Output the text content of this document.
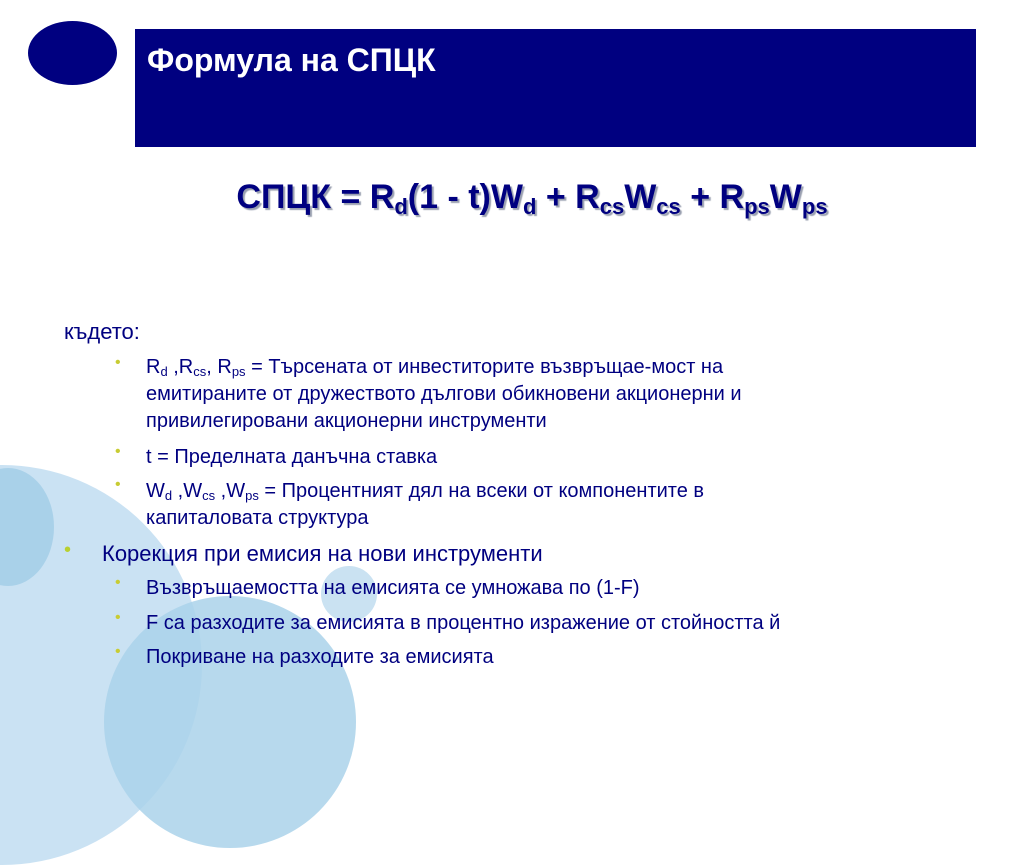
Формула на СПЦК
СПЦК = $R_d(1 - t)W_d + R_{cs}W_{cs} + R_{ps}W_{ps}$
където:
• $R_d$ $,R_{cs}$, $R_{ps}$ = Търсената от инвеститорите възвръщае-мост на
емитираните от дружеството дългови обикновени акционерни и
привилегировани акционерни инструменти
• t = Пределната данъчна ставка
• $W_d$ $,W_{cs}$ $,W_{ps}$ = Процентният дял на всеки от компонентите в
капиталовата структура
• Корекция при емисия на нови инструменти
• Възвръщаемостта на емисията се умножава по (1-F)
• F са разходите за емисията в процентно изражение от стойността й
• Покриване на разходите за емисията
